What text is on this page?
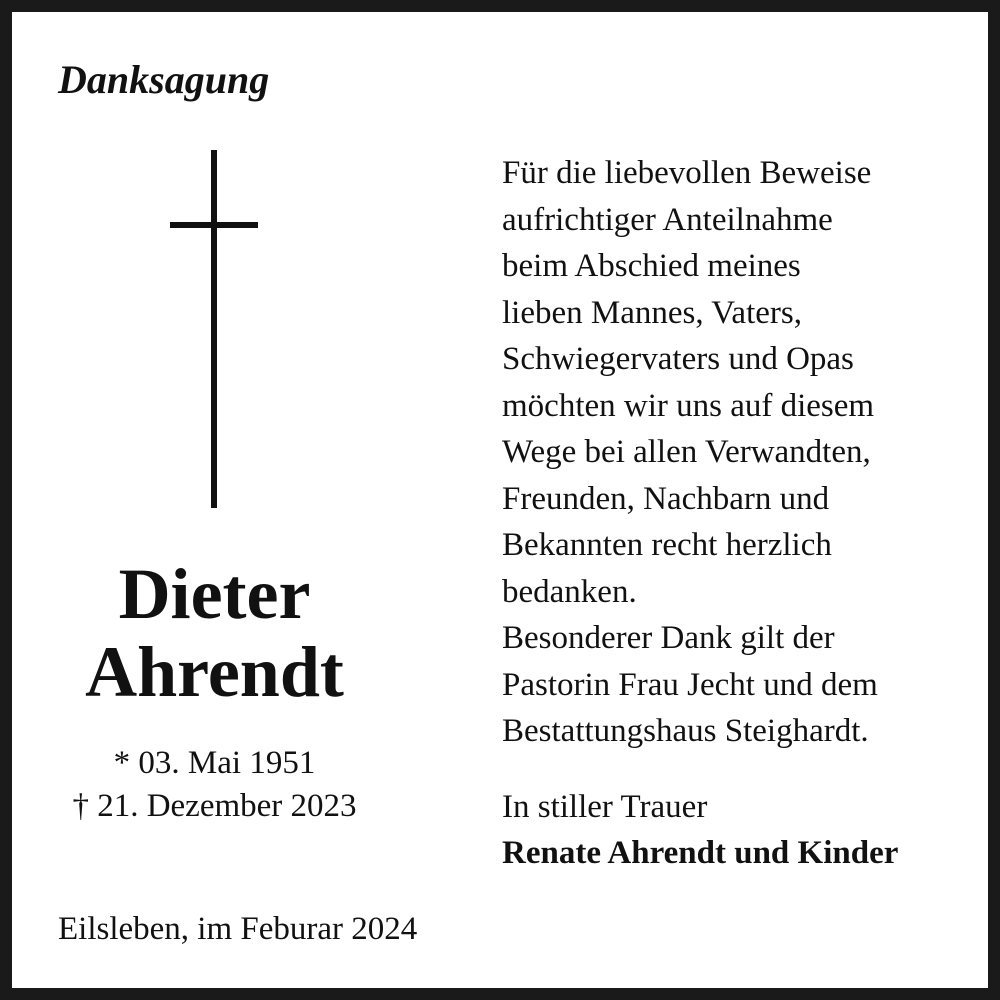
Danksagung
Dieter
Ahrendt
* 03. Mai 1951
† 21. Dezember 2023
Eilsleben, im Feburar 2024
Für die liebevollen Beweise
aufrichtiger Anteilnahme
beim Abschied meines
lieben Mannes, Vaters,
Schwiegervaters und Opas
möchten wir uns auf diesem
Wege bei allen Verwandten,
Freunden, Nachbarn und
Bekannten recht herzlich
bedanken.
Besonderer Dank gilt der
Pastorin Frau Jecht und dem
Bestattungshaus Steighardt.
In stiller Trauer
Renate Ahrendt und Kinder
